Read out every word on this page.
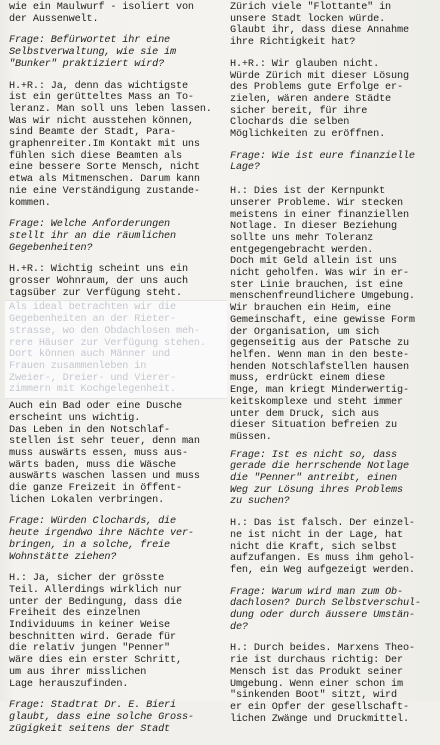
wie ein Maulwurf - isoliert von
der Aussenwelt.

Frage: Befürwortet ihr eine
Selbstverwaltung, wie sie im
"Bunker" praktiziert wird?

H.+R.: Ja, denn das wichtigste
ist ein gerütteltes Mass an To-
leranz. Man soll uns leben lassen.
Was wir nicht ausstehen können,
sind Beamte der Stadt, Para-
graphenreiter.Im Kontakt mit uns
fühlen sich diese Beamten als
eine bessere Sorte Mensch, nicht
etwa als Mitmenschen. Darum kann
nie eine Verständigung zustande-
kommen.

Frage: Welche Anforderungen
stellt ihr an die räumlichen
Gegebenheiten?

H.+R.: Wichtig scheint uns ein
grosser Wohnraum, der uns auch
tagsüber zur Verfügung steht.

Als ideal betrachten wir die
Gegebenheiten an der Rieter-
strasse, wo den Obdachlosen meh-
rere Häuser zur Verfügung stehen.
Dort können auch Männer und
Frauen zusammenleben in
Zweier-, Dreier- und Vierer-
zimmern mit Kochgelegenheit.

Auch ein Bad oder eine Dusche
erscheint uns wichtig.
Das Leben in den Notschlaf-
stellen ist sehr teuer, denn man
muss auswärts essen, muss aus-
wärts baden, muss die Wäsche
auswärts waschen lassen und muss
die ganze Freizeit in öffent-
lichen Lokalen verbringen.

Frage: Würden Clochards, die
heute irgendwo ihre Nächte ver-
bringen, in a solche, freie
Wohnstätte ziehen?

H.: Ja, sicher der grösste
Teil. Allerdings wirklich nur
unter der Bedingung, dass die
Freiheit des einzelnen
Individuums in keiner Weise
beschnitten wird. Gerade für
die relativ jungen "Penner"
wäre dies ein erster Schritt,
um aus ihrer misslichen
Lage herauszufinden.

Frage: Stadtrat Dr. E. Bieri
glaubt, dass eine solche Gross-
zügigkeit seitens der Stadt

Zürich viele "Flottante" in
unsere Stadt locken würde.
Glaubt ihr, dass diese Annahme
ihre Richtigkeit hat?

H.+R.: Wir glauben nicht.
Würde Zürich mit dieser Lösung
des Problems gute Erfolge er-
zielen, wären andere Städte
sicher bereit, für ihre
Clochards die selben
Möglichkeiten zu eröffnen.

Frage: Wie ist eure finanzielle
Lage?

H.: Dies ist der Kernpunkt
unserer Probleme. Wir stecken
meistens in einer finanziellen
Notlage. In dieser Beziehung
sollte uns mehr Toleranz
entgegengebracht werden.
Doch mit Geld allein ist uns
nicht geholfen. Was wir in er-
ster Linie brauchen, ist eine
menschenfreundlichere Umgebung.
Wir brauchen ein Heim, eine
Gemeinschaft, eine gewisse Form
der Organisation, um sich
gegenseitig aus der Patsche zu
helfen. Wenn man in den beste-
henden Notschlafstellen hausen
muss, erdrückt einem diese
Enge, man kriegt Minderwertig-
keitskomplexe und steht immer
unter dem Druck, sich aus
dieser Situation befreien zu
müssen.

Frage: Ist es nicht so, dass
gerade die herrschende Notlage
die "Penner" antreibt, einen
Weg zur Lösung ihres Problems
zu suchen?

H.: Das ist falsch. Der einzel-
ne ist nicht in der Lage, hat
nicht die Kraft, sich selbst
aufzufangen. Es muss ihm gehol-
fen, ein Weg aufgezeigt werden.

Frage: Warum wird man zum Ob-
dachlosen? Durch Selbstverschul-
dung oder durch äussere Umstän-
de?

H.: Durch beides. Marxens Theo-
rie ist durchaus richtig: Der
Mensch ist das Produkt seiner
Umgebung. Wenn einer schon im
"sinkenden Boot" sitzt, wird
er ein Opfer der gesellschaft-
lichen Zwänge und Druckmittel.
